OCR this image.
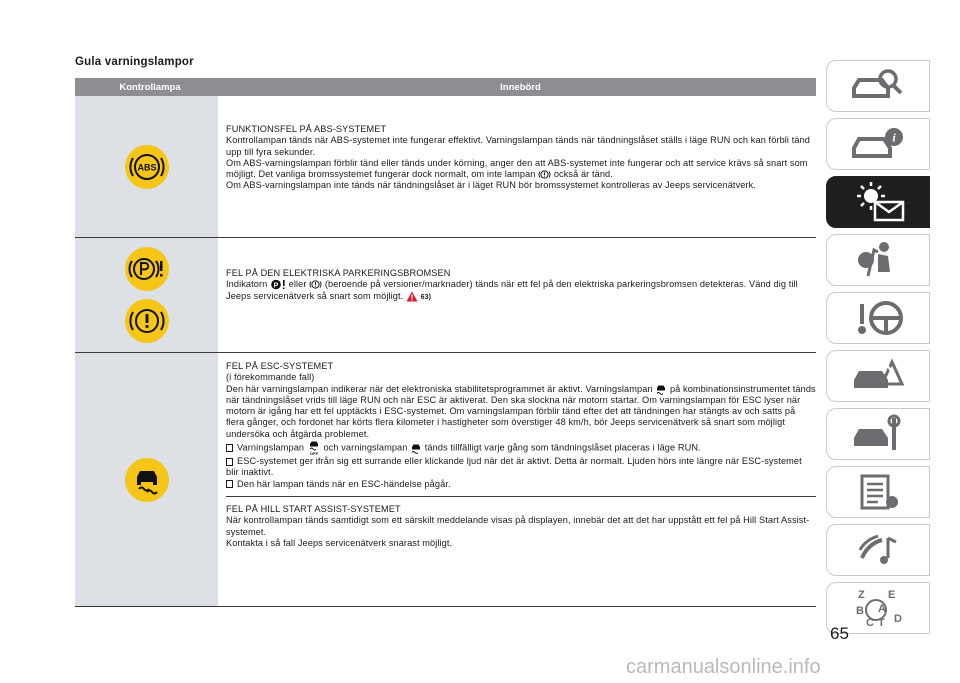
Gula varningslampor
Kontrollampa	Innebörd
ABS

FUNKTIONSFEL PÅ ABS-SYSTEMET

Kontrollampan tänds när ABS-systemet inte fungerar effektivt. Varningslampan tänds när tändningslåset ställs i läge RUN och kan förbli tänd upp till fyra sekunder.

Om ABS-varningslampan förblir tänd eller tänds under körning, anger den att ABS-systemet inte fungerar och att service krävs så snart som möjligt. Det vanliga bromssystemet fungerar dock normalt, om inte lampan också är tänd.

Om ABS-varningslampan inte tänds när tändningslåset är i läget RUN bör bromssystemet kontrolleras av Jeeps servicenätverk.

FEL PÅ DEN ELEKTRISKA PARKERINGSBROMSEN

Indikatorn P eller (beroende på versioner/marknader) tänds när ett fel på den elektriska parkeringsbromsen detekteras. Vänd dig till Jeeps servicenätverk så snart som möjligt. 63)

FEL PÅ ESC-SYSTEMET

(i förekommande fall)

Den här varningslampan indikerar när det elektroniska stabilitetsprogrammet är aktivt. Varningslampan på kombinationsinstrumentet tänds när tändningslåset vrids till läge RUN och när ESC är aktiverat. Den ska slockna när motorn startar. Om varningslampan för ESC lyser när motorn är igång har ett fel upptäckts i ESC-systemet. Om varningslampan förblir tänd efter det att tändningen har stängts av och satts på flera gånger, och fordonet har körts flera kilometer i hastigheter som överstiger 48 km/h, bör Jeeps servicenätverk så snart som möjligt undersöka och åtgärda problemet.

Varningslampan
OFF
och varningslampan tänds tillfälligt varje gång som tändningslåset placeras i läge RUN.

ESC-systemet ger ifrån sig ett surrande eller klickande ljud när det är aktivt. Detta är normalt. Ljuden hörs inte längre när ESC-systemet blir inaktivt.

Den här lampan tänds när en ESC-händelse pågår.

FEL PÅ HILL START ASSIST-SYSTEMET

När kontrollampan tänds samtidigt som ett särskilt meddelande visas på displayen, innebär det att det har uppstått ett fel på Hill Start Assist-systemet.

Kontakta i så fall Jeeps servicenätverk snarast möjligt.

i
Z E
B A
C T D
65
carmanualsonline.info
